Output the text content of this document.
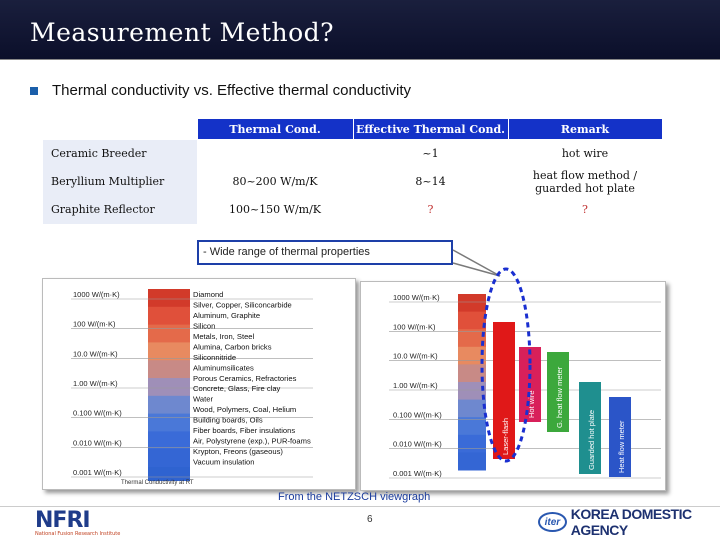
Measurement Method?
Thermal conductivity vs. Effective thermal conductivity
	Thermal Cond.	Effective Thermal Cond.	Remark
Ceramic Breeder		~1	hot wire
Beryllium Multiplier	80~200 W/m/K	8~14	heat flow method /
guarded hot plate
Graphite Reflector	100~150 W/m/K	?	?
- Wide range of thermal properties
1000 W/(m·K)
100 W/(m·K)
10.0 W/(m·K)
1.00 W/(m·K)
0.100 W/(m·K)
0.010 W/(m·K)
0.001 W/(m·K)
Diamond
Silver, Copper, Siliconcarbide
Aluminum, Graphite
Silicon
Metals, Iron, Steel
Alumina, Carbon bricks
Siliconnitride
Aluminumsilicates
Porous Ceramics, Refractories
Concrete, Glass, Fire clay
Water
Wood, Polymers, Coal, Helium
Building boards, Oils
Fiber boards, Fiber insulations
Air, Polystyrene (exp.), PUR-foams
Krypton, Freons (gaseous)
Vacuum insulation
Thermal Conductivity at RT
1000 W/(m·K)
100 W/(m·K)
10.0 W/(m·K)
1.00 W/(m·K)
0.100 W/(m·K)
0.010 W/(m·K)
0.001 W/(m·K)
Laser-flash
Hot wire	G. heat flow meter
Guarded hot plate	Heat flow meter
From the NETZSCH viewgraph
6
NFRI
National Fusion Research Institute
iter KOREA DOMESTIC AGENCY
